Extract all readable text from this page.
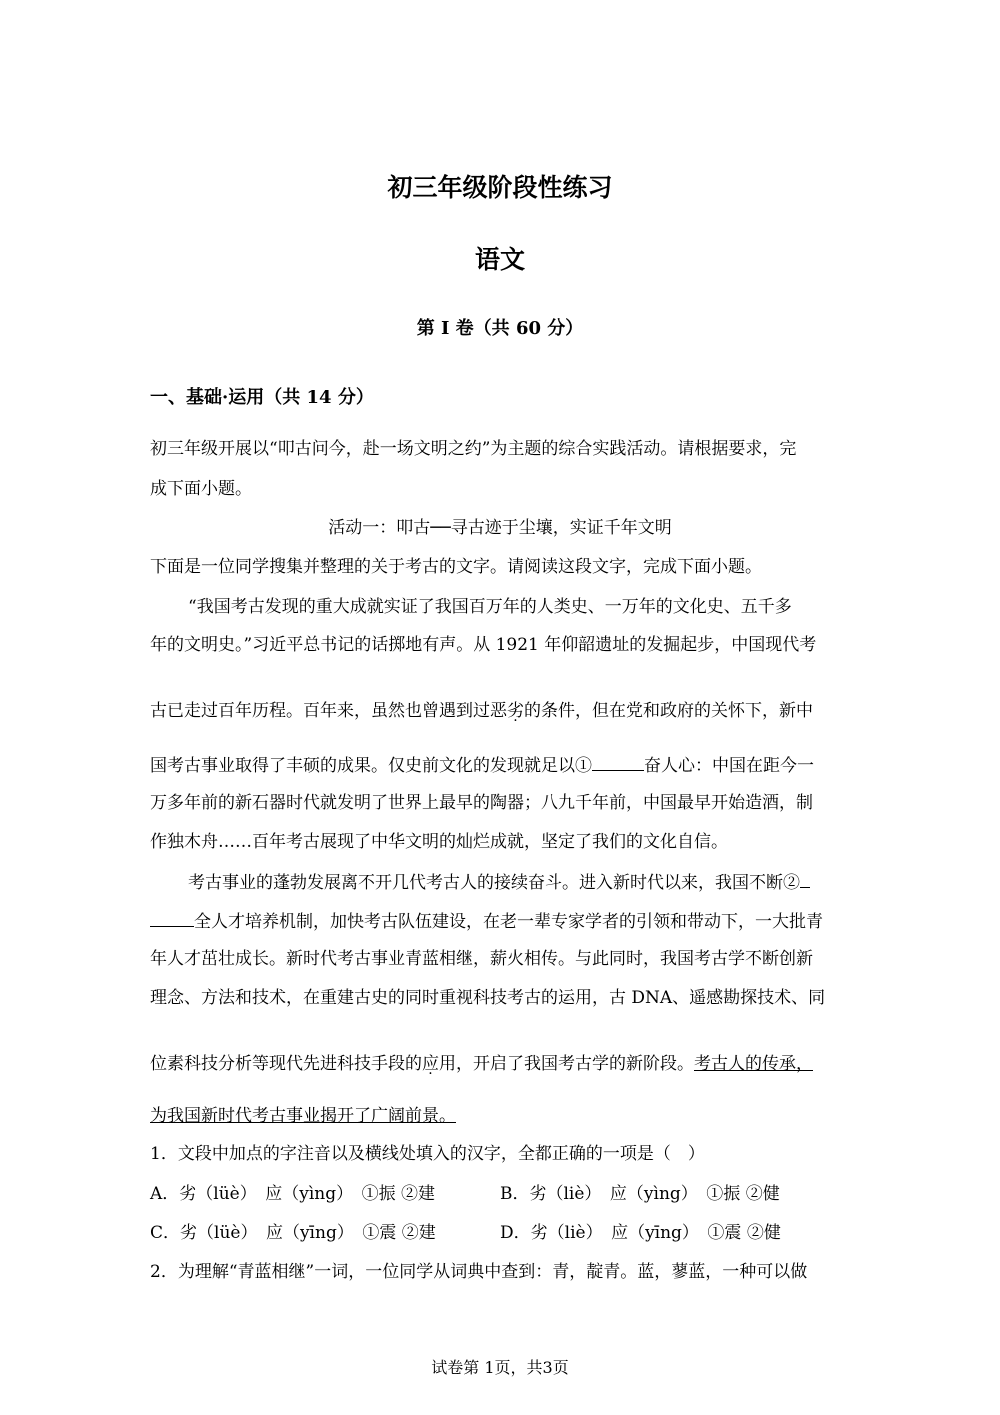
初三年级阶段性练习
语文
第 I 卷（共 60 分）
一、基础·运用（共 14 分）
初三年级开展以“叩古问今，赴一场文明之约”为主题的综合实践活动。请根据要求，完
成下面小题。
活动一：叩古──寻古迹于尘壤，实证千年文明
下面是一位同学搜集并整理的关于考古的文字。请阅读这段文字，完成下面小题。
“我国考古发现的重大成就实证了我国百万年的人类史、一万年的文化史、五千多
年的文明史。”习近平总书记的话掷地有声。从 1921 年仰韶遗址的发掘起步，中国现代考
古已走过百年历程。百年来，虽然也曾遇到过恶劣的条件，但在党和政府的关怀下，新中
国考古事业取得了丰硕的成果。仅史前文化的发现就足以①	奋人心：中国在距今一
万多年前的新石器时代就发明了世界上最早的陶器；八九千年前，中国最早开始造酒，制
作独木舟……百年考古展现了中华文明的灿烂成就，坚定了我们的文化自信。
考古事业的蓬勃发展离不开几代考古人的接续奋斗。进入新时代以来，我国不断②
全人才培养机制，加快考古队伍建设，在老一辈专家学者的引领和带动下，一大批青
年人才茁壮成长。新时代考古事业青蓝相继，薪火相传。与此同时，我国考古学不断创新
理念、方法和技术，在重建古史的同时重视科技考古的运用，古 DNA、遥感勘探技术、同
位素科技分析等现代先进科技手段的应用，开启了我国考古学的新阶段。考古人的传承，
为我国新时代考古事业揭开了广阔前景。
1．文段中加点的字注音以及横线处填入的汉字，全都正确的一项是（　）
A．劣（lüè）　应（yìng）　①振 ②建	B．劣（liè）　应（yìng）　①振 ②健
C．劣（lüè）　应（yīng）　①震 ②建	D．劣（liè）　应（yīng）　①震 ②健
2．为理解“青蓝相继”一词，一位同学从词典中查到：青，靛青。蓝，蓼蓝，一种可以做
试卷第 1页，共3页
